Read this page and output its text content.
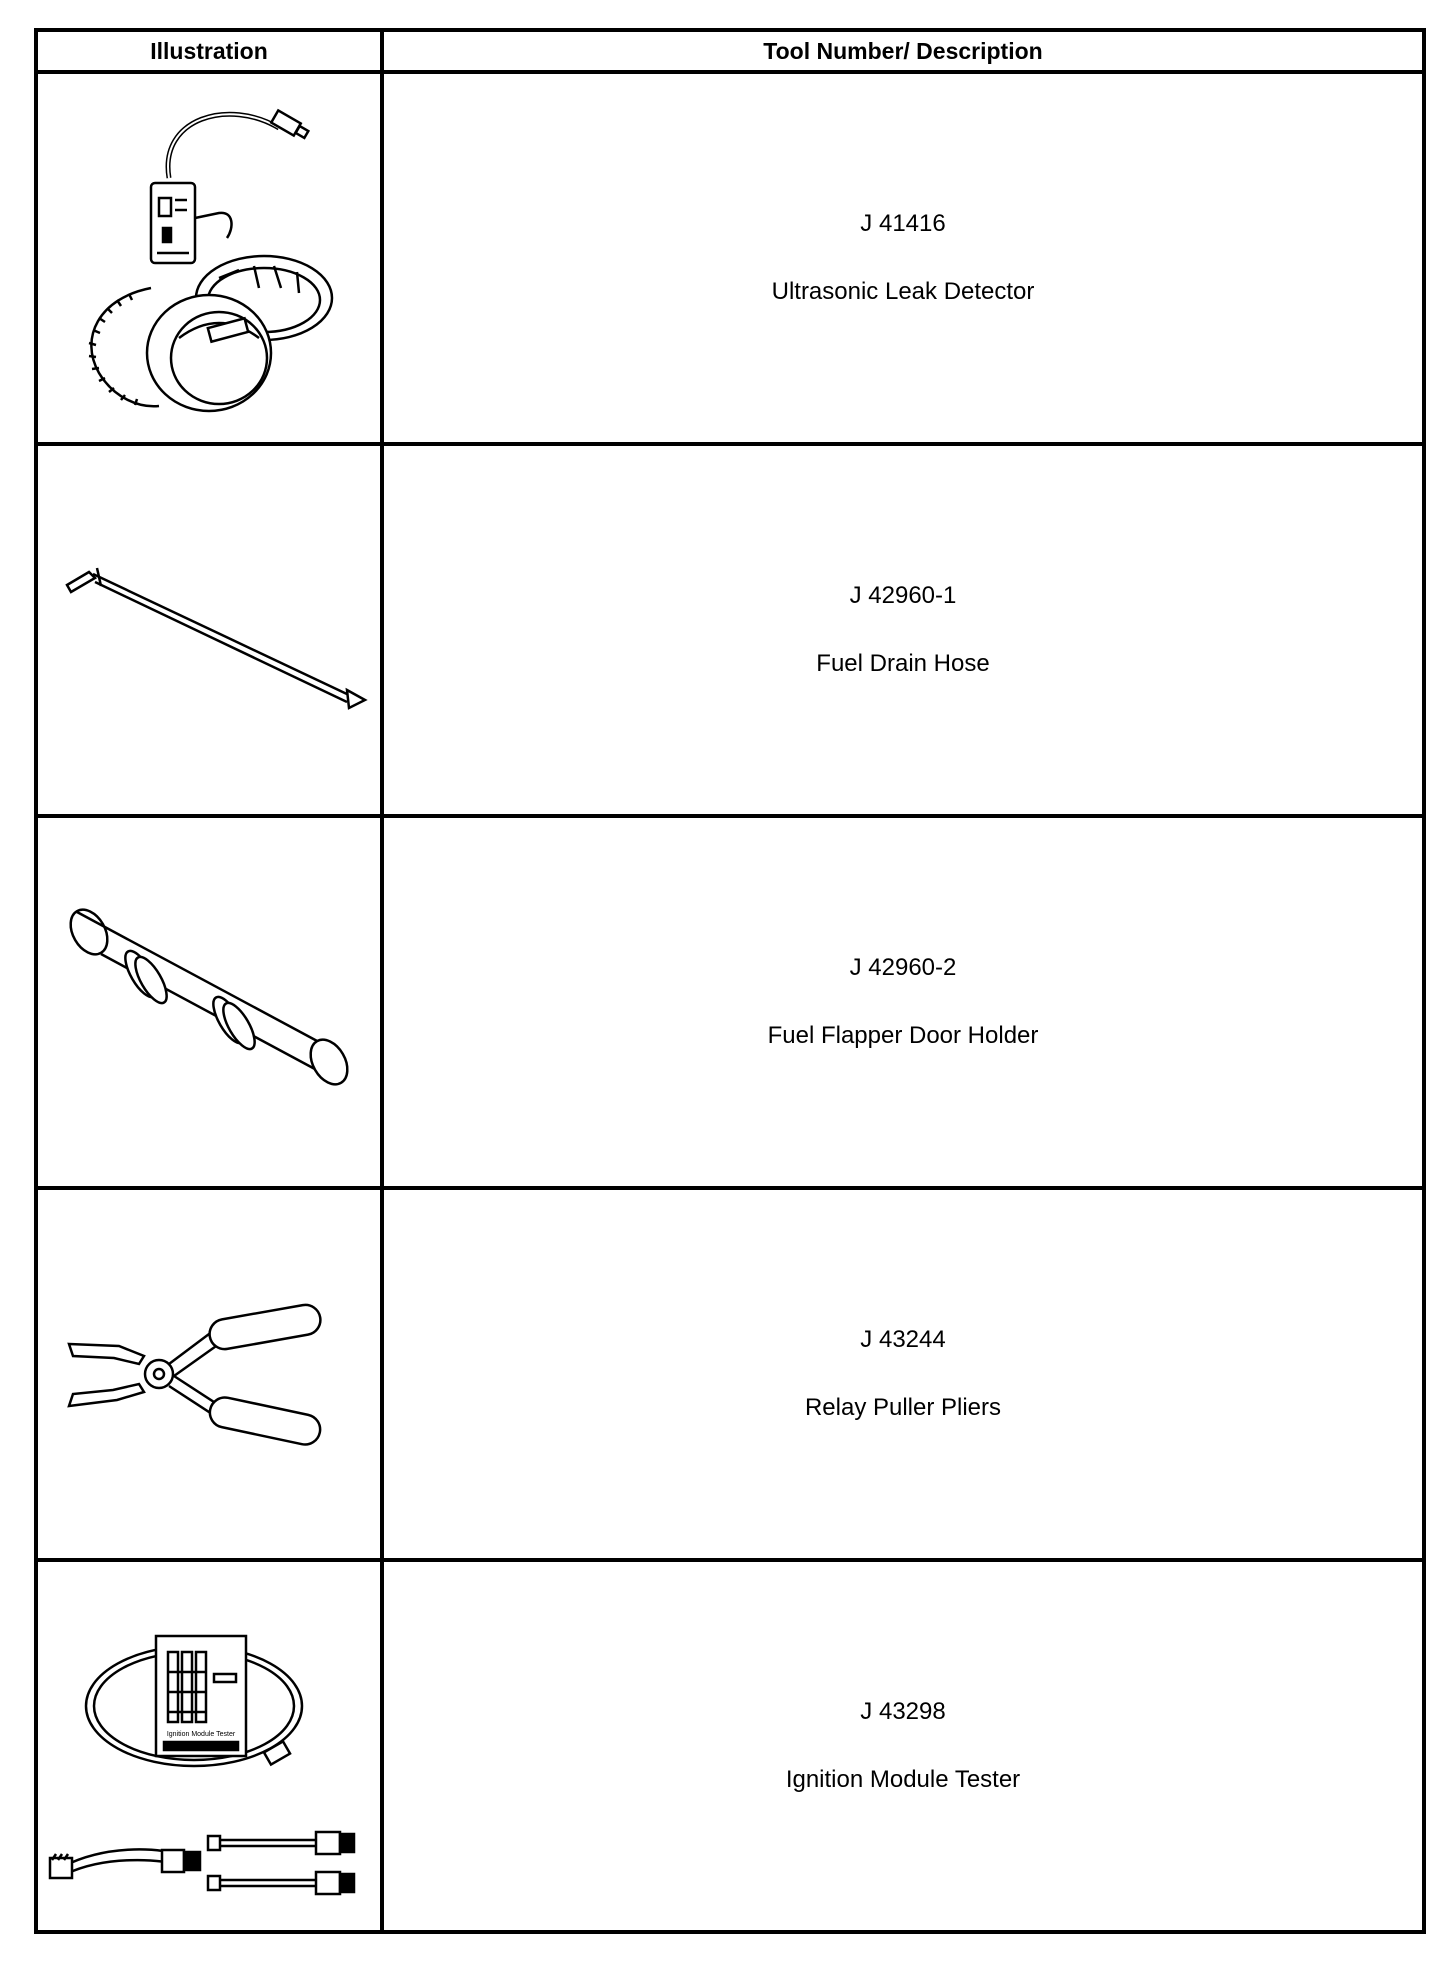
Illustration	Tool Number/ Description

J 41416
Ultrasonic Leak Detector

J 42960-1
Fuel Drain Hose

J 42960-2
Fuel Flapper Door Holder

J 43244
Relay Puller Pliers

Ignition Module Tester	J 43298
Ignition Module Tester
